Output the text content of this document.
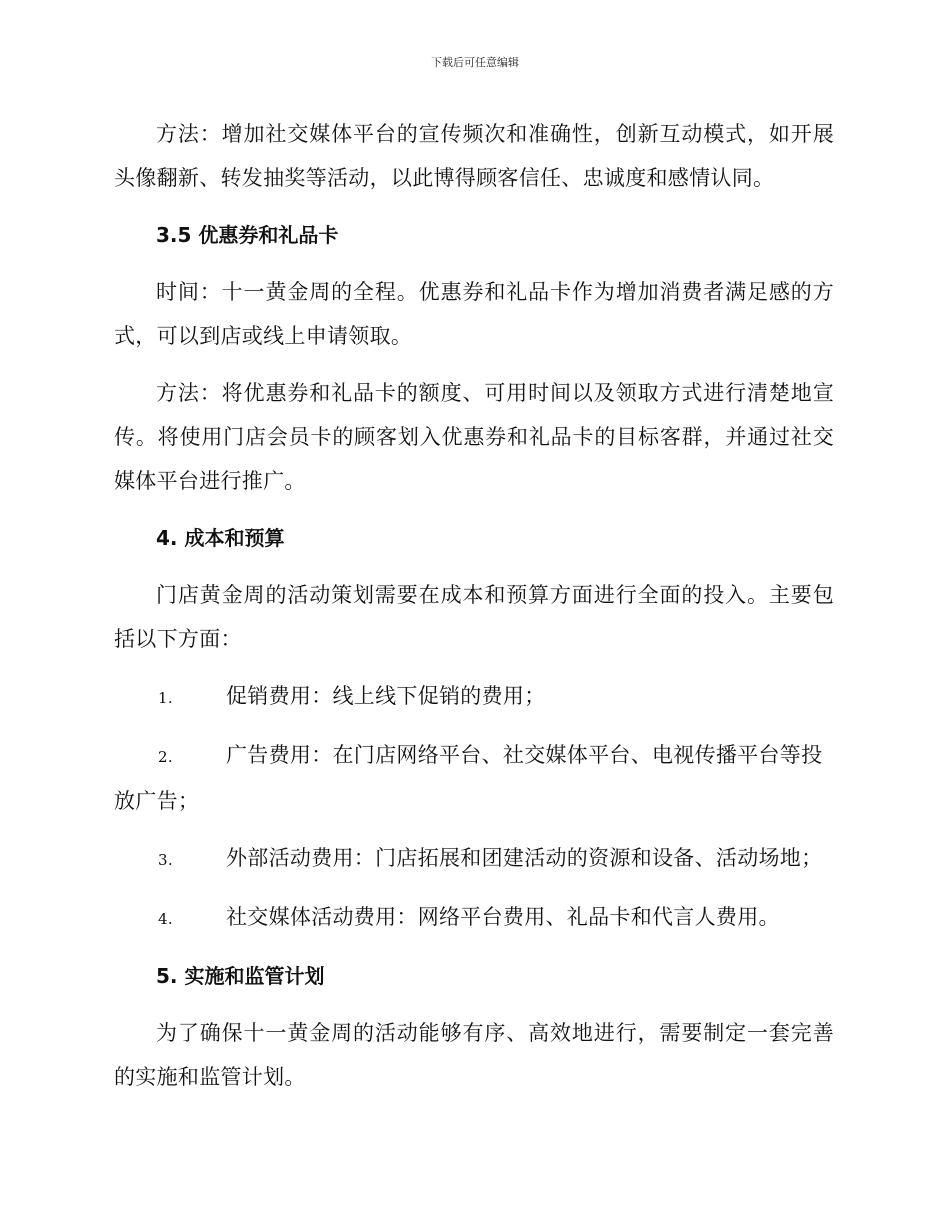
下载后可任意编辑

方法：增加社交媒体平台的宣传频次和准确性，创新互动模式，如开展头像翻新、转发抽奖等活动，以此博得顾客信任、忠诚度和感情认同。

3.5 优惠券和礼品卡

时间：十一黄金周的全程。优惠券和礼品卡作为增加消费者满足感的方式，可以到店或线上申请领取。

方法：将优惠券和礼品卡的额度、可用时间以及领取方式进行清楚地宣传。将使用门店会员卡的顾客划入优惠券和礼品卡的目标客群，并通过社交媒体平台进行推广。

4. 成本和预算

门店黄金周的活动策划需要在成本和预算方面进行全面的投入。主要包括以下方面：

1.	促销费用：线上线下促销的费用；
2.	广告费用：在门店网络平台、社交媒体平台、电视传播平台等投放广告；
3.	外部活动费用：门店拓展和团建活动的资源和设备、活动场地；
4.	社交媒体活动费用：网络平台费用、礼品卡和代言人费用。
5. 实施和监管计划

为了确保十一黄金周的活动能够有序、高效地进行，需要制定一套完善的实施和监管计划。
